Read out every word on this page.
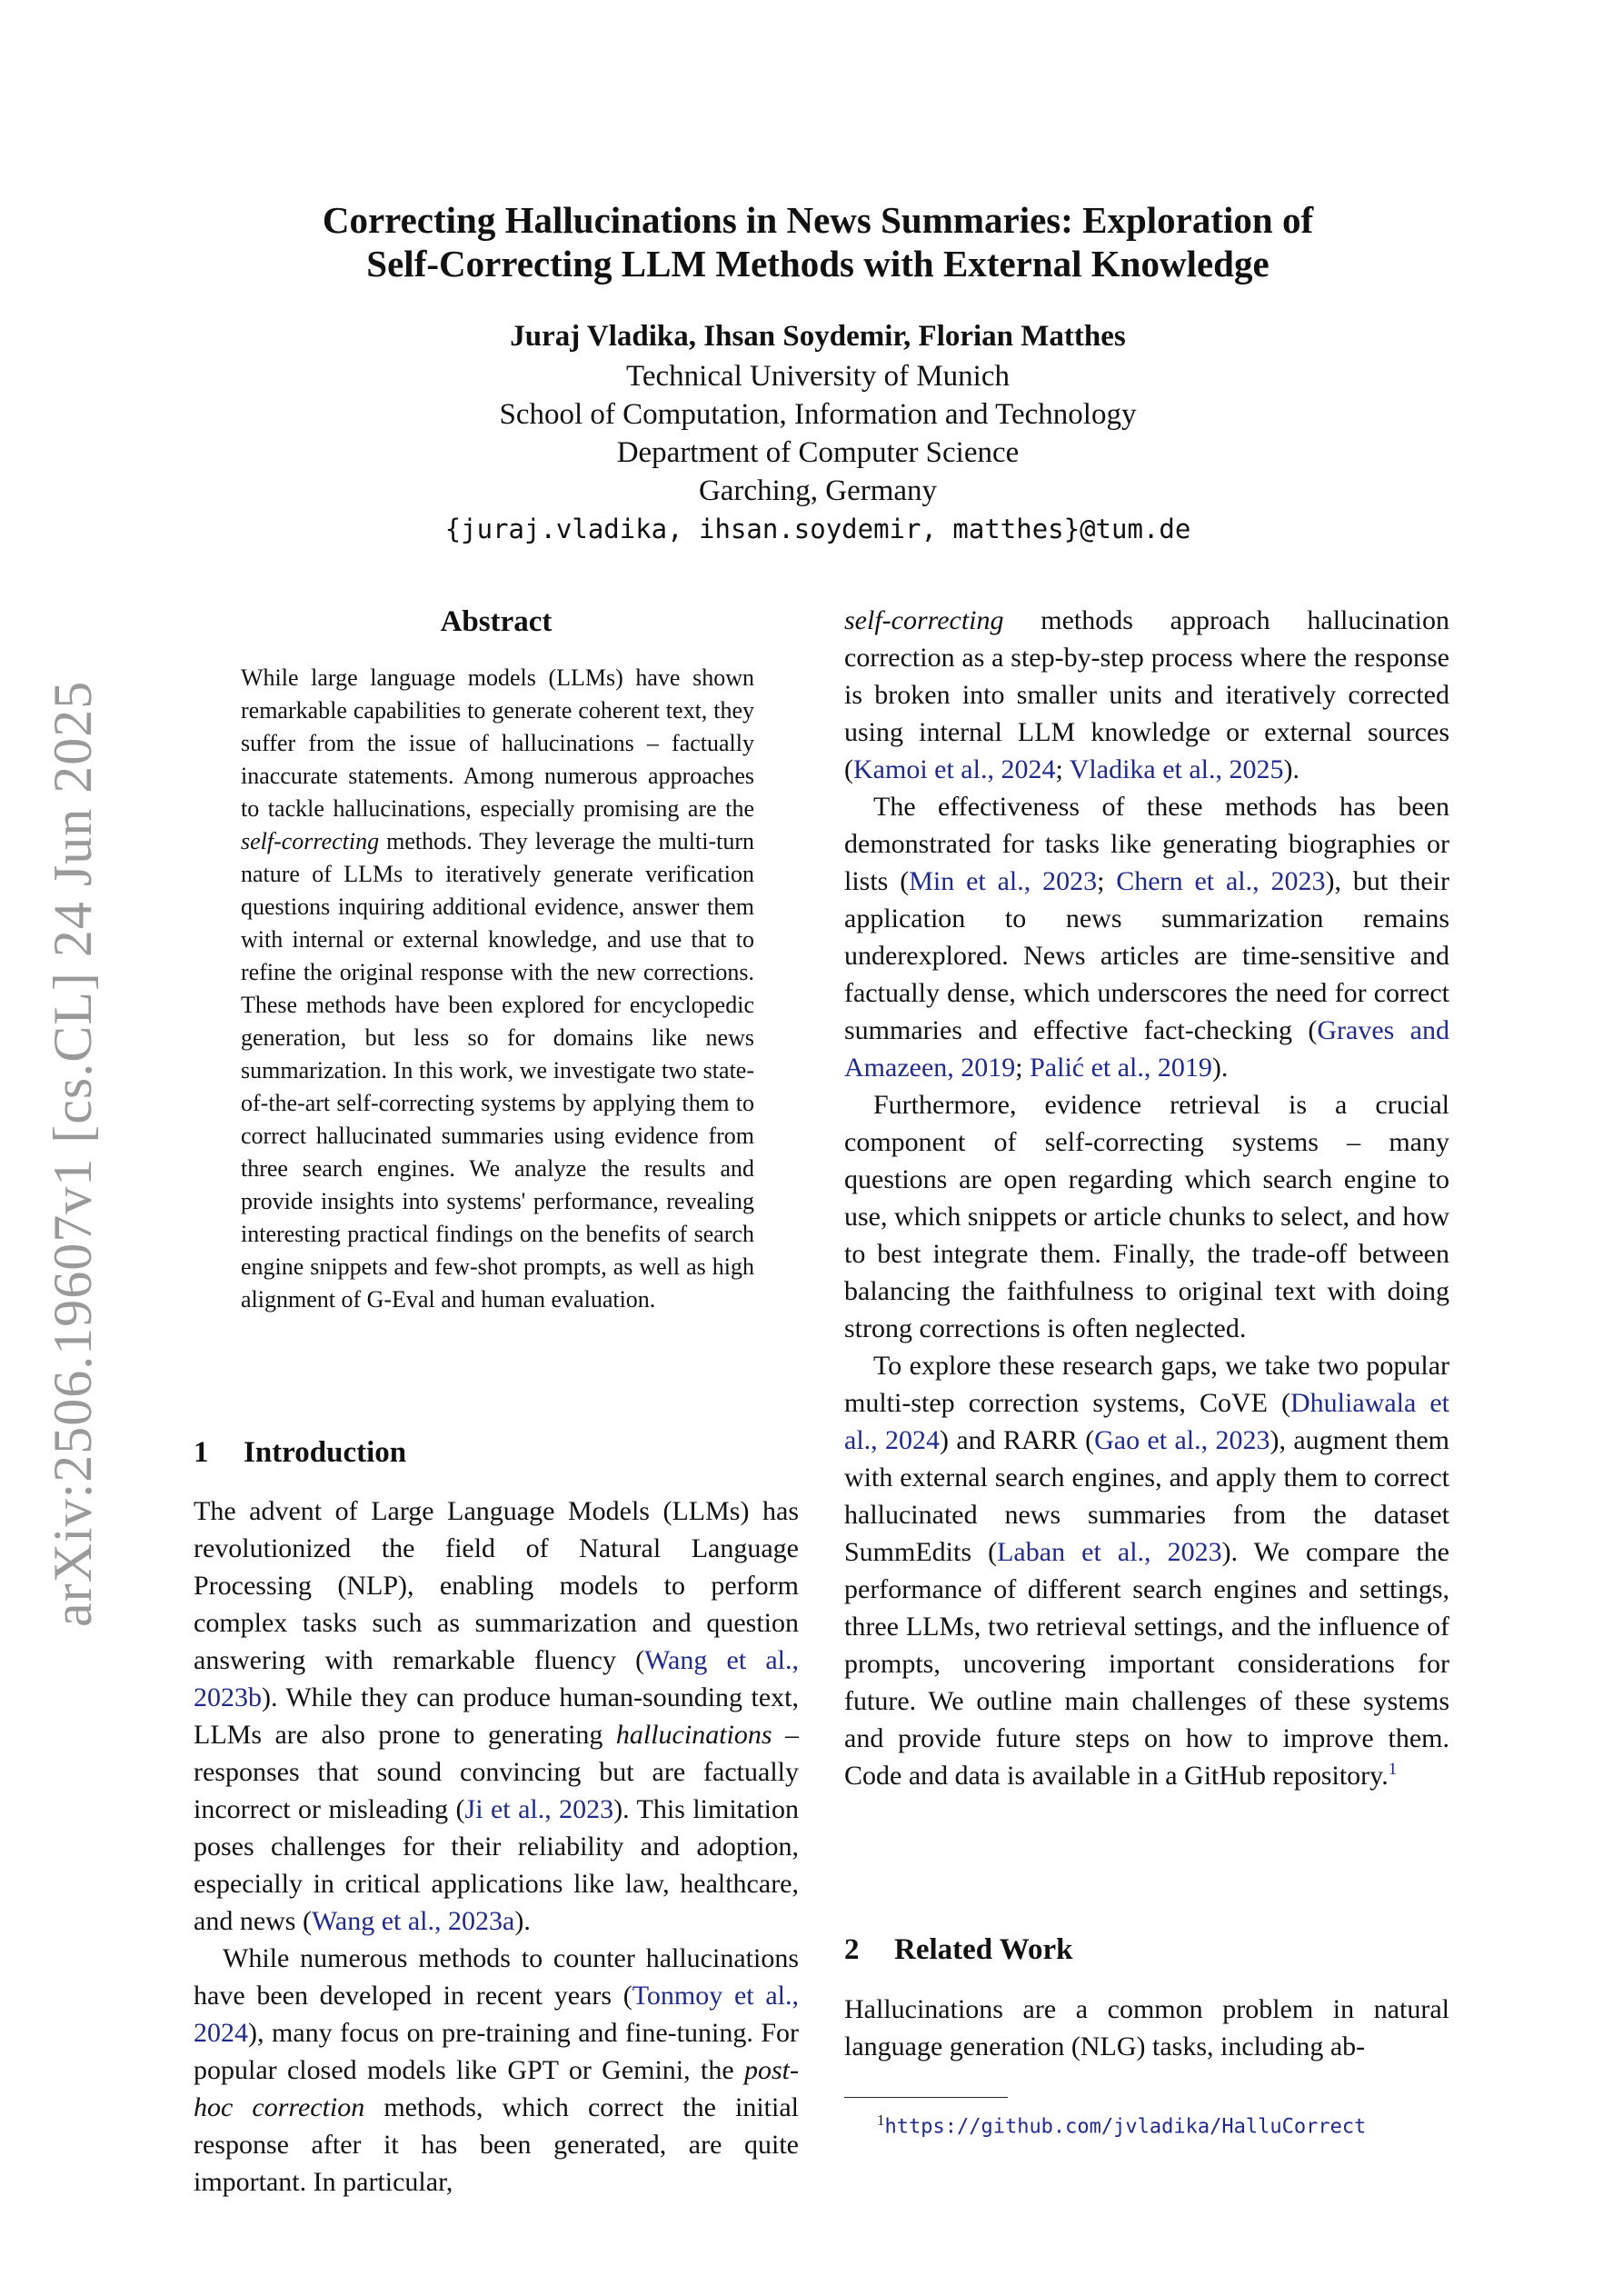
arXiv:2506.19607v1 [cs.CL] 24 Jun 2025
Correcting Hallucinations in News Summaries: Exploration of
Self-Correcting LLM Methods with External Knowledge
Juraj Vladika, Ihsan Soydemir, Florian Matthes
Technical University of Munich
School of Computation, Information and Technology
Department of Computer Science
Garching, Germany
{juraj.vladika, ihsan.soydemir, matthes}@tum.de
Abstract
While large language models (LLMs) have shown remarkable capabilities to generate coherent text, they suffer from the issue of hallucinations – factually inaccurate statements. Among numerous approaches to tackle hallucinations, especially promising are the self-correcting methods. They leverage the multi-turn nature of LLMs to iteratively generate verification questions inquiring additional evidence, answer them with internal or external knowledge, and use that to refine the original response with the new corrections. These methods have been explored for encyclopedic generation, but less so for domains like news summarization. In this work, we investigate two state-of-the-art self-correcting systems by applying them to correct hallucinated summaries using evidence from three search engines. We analyze the results and provide insights into systems' performance, revealing interesting practical findings on the benefits of search engine snippets and few-shot prompts, as well as high alignment of G-Eval and human evaluation.
1 Introduction

The advent of Large Language Models (LLMs) has revolutionized the field of Natural Language Processing (NLP), enabling models to perform complex tasks such as summarization and question answering with remarkable fluency (Wang et al., 2023b). While they can produce human-sounding text, LLMs are also prone to generating hallucinations – responses that sound convincing but are factually incorrect or misleading (Ji et al., 2023). This limitation poses challenges for their reliability and adoption, especially in critical applications like law, healthcare, and news (Wang et al., 2023a).

While numerous methods to counter hallucinations have been developed in recent years (Tonmoy et al., 2024), many focus on pre-training and fine-tuning. For popular closed models like GPT or Gemini, the post-hoc correction methods, which correct the initial response after it has been generated, are quite important. In particular,

self-correcting methods approach hallucination correction as a step-by-step process where the response is broken into smaller units and iteratively corrected using internal LLM knowledge or external sources (Kamoi et al., 2024; Vladika et al., 2025).

The effectiveness of these methods has been demonstrated for tasks like generating biographies or lists (Min et al., 2023; Chern et al., 2023), but their application to news summarization remains underexplored. News articles are time-sensitive and factually dense, which underscores the need for correct summaries and effective fact-checking (Graves and Amazeen, 2019; Palić et al., 2019).

Furthermore, evidence retrieval is a crucial component of self-correcting systems – many questions are open regarding which search engine to use, which snippets or article chunks to select, and how to best integrate them. Finally, the trade-off between balancing the faithfulness to original text with doing strong corrections is often neglected.

To explore these research gaps, we take two popular multi-step correction systems, CoVE (Dhuliawala et al., 2024) and RARR (Gao et al., 2023), augment them with external search engines, and apply them to correct hallucinated news summaries from the dataset SummEdits (Laban et al., 2023). We compare the performance of different search engines and settings, three LLMs, two retrieval settings, and the influence of prompts, uncovering important considerations for future. We outline main challenges of these systems and provide future steps on how to improve them. Code and data is available in a GitHub repository.$^1$

2 Related Work

Hallucinations are a common problem in natural language generation (NLG) tasks, including ab-

$^1$https://github.com/jvladika/HalluCorrect
